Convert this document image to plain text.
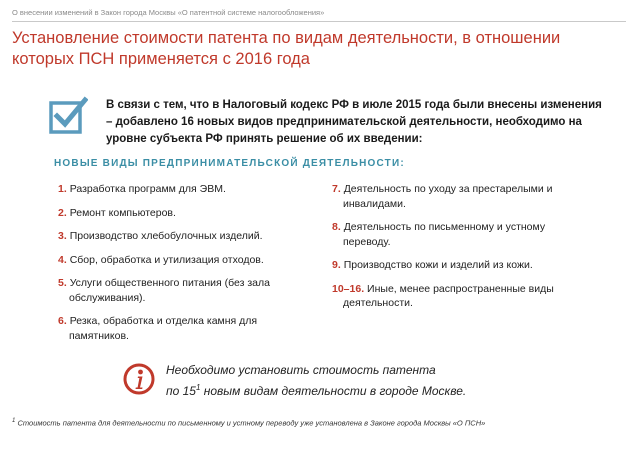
О внесении изменений в Закон города Москвы «О патентной системе налогообложения»
Установление стоимости патента по видам деятельности, в отношении которых ПСН применяется с 2016 года
В связи с тем, что в Налоговый кодекс РФ в июле 2015 года были внесены изменения – добавлено 16 новых видов предпринимательской деятельности, необходимо на уровне субъекта РФ принять решение об их введении:
НОВЫЕ ВИДЫ ПРЕДПРИНИМАТЕЛЬСКОЙ ДЕЯТЕЛЬНОСТИ:
1. Разработка программ для ЭВМ.
2. Ремонт компьютеров.
3. Производство хлебобулочных изделий.
4. Сбор, обработка и утилизация отходов.
5. Услуги общественного питания (без зала обслуживания).
6. Резка, обработка и отделка камня для памятников.
7. Деятельность по уходу за престарелыми и инвалидами.
8. Деятельность по письменному и устному переводу.
9. Производство кожи и изделий из кожи.
10–16. Иные, менее распространенные виды деятельности.
Необходимо установить стоимость патента
по $15^1$ новым видам деятельности в городе Москве.
$^1$ Стоимость патента для деятельности по письменному и устному переводу уже установлена в Законе города Москвы «О ПСН»
